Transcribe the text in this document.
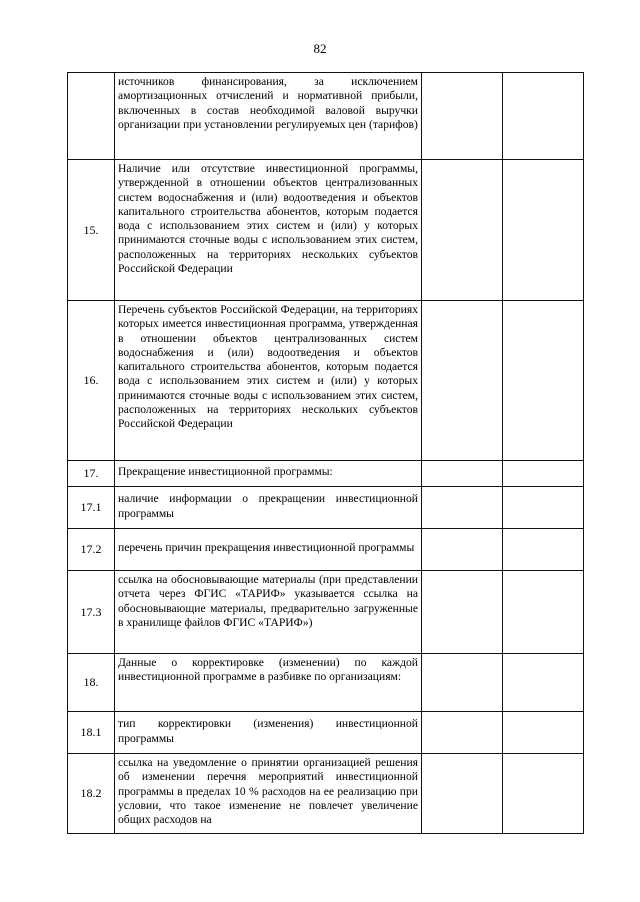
82

	источников финансирования, за исключением амортизационных отчислений и нормативной прибыли, включенных в состав необходимой валовой выручки организации при установлении регулируемых цен (тарифов)		

15.	Наличие или отсутствие инвестиционной программы, утвержденной в отношении объектов централизованных систем водоснабжения и (или) водоотведения и объектов капитального строительства абонентов, которым подается вода с использованием этих систем и (или) у которых принимаются сточные воды с использованием этих систем, расположенных на территориях нескольких субъектов Российской Федерации		

16.	Перечень субъектов Российской Федерации, на территориях которых имеется инвестиционная программа, утвержденная в отношении объектов централизованных систем водоснабжения и (или) водоотведения и объектов капитального строительства абонентов, которым подается вода с использованием этих систем и (или) у которых принимаются сточные воды с использованием этих систем, расположенных на территориях нескольких субъектов Российской Федерации		

17.	Прекращение инвестиционной программы:		

17.1	наличие информации о прекращении инвестиционной программы		

17.2	перечень причин прекращения инвестиционной программы		

17.3	ссылка на обосновывающие материалы (при представлении отчета через ФГИС «ТАРИФ» указывается ссылка на обосновывающие материалы, предварительно загруженные в хранилище файлов ФГИС «ТАРИФ»)		

18.	Данные о корректировке (изменении) по каждой инвестиционной программе в разбивке по организациям:		

18.1	тип корректировки (изменения) инвестиционной программы		

18.2	ссылка на уведомление о принятии организацией решения об изменении перечня мероприятий инвестиционной программы в пределах 10 % расходов на ее реализацию при условии, что такое изменение не повлечет увеличение общих расходов на		
